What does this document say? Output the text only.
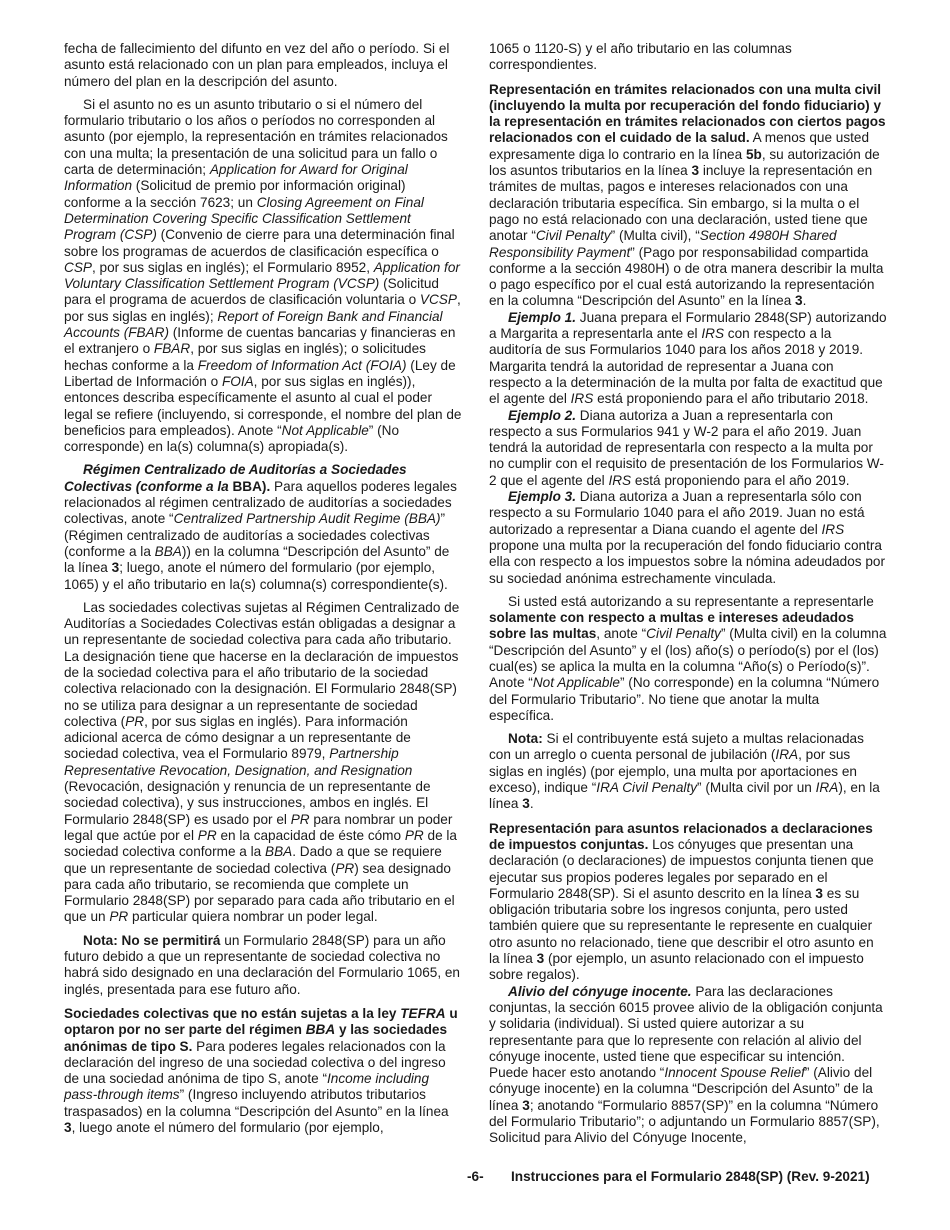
fecha de fallecimiento del difunto en vez del año o período. Si el asunto está relacionado con un plan para empleados, incluya el número del plan en la descripción del asunto.

Si el asunto no es un asunto tributario o si el número del formulario tributario o los años o períodos no corresponden al asunto (por ejemplo, la representación en trámites relacionados con una multa; la presentación de una solicitud para un fallo o carta de determinación; Application for Award for Original Information (Solicitud de premio por información original) conforme a la sección 7623; un Closing Agreement on Final Determination Covering Specific Classification Settlement Program (CSP) (Convenio de cierre para una determinación final sobre los programas de acuerdos de clasificación específica o CSP, por sus siglas en inglés); el Formulario 8952, Application for Voluntary Classification Settlement Program (VCSP) (Solicitud para el programa de acuerdos de clasificación voluntaria o VCSP, por sus siglas en inglés); Report of Foreign Bank and Financial Accounts (FBAR) (Informe de cuentas bancarias y financieras en el extranjero o FBAR, por sus siglas en inglés); o solicitudes hechas conforme a la Freedom of Information Act (FOIA) (Ley de Libertad de Información o FOIA, por sus siglas en inglés)), entonces describa específicamente el asunto al cual el poder legal se refiere (incluyendo, si corresponde, el nombre del plan de beneficios para empleados). Anote “Not Applicable” (No corresponde) en la(s) columna(s) apropiada(s).

Régimen Centralizado de Auditorías a Sociedades Colectivas (conforme a la BBA). Para aquellos poderes legales relacionados al régimen centralizado de auditorías a sociedades colectivas, anote “Centralized Partnership Audit Regime (BBA)” (Régimen centralizado de auditorías a sociedades colectivas (conforme a la BBA)) en la columna “Descripción del Asunto” de la línea 3; luego, anote el número del formulario (por ejemplo, 1065) y el año tributario en la(s) columna(s) correspondiente(s).

Las sociedades colectivas sujetas al Régimen Centralizado de Auditorías a Sociedades Colectivas están obligadas a designar a un representante de sociedad colectiva para cada año tributario. La designación tiene que hacerse en la declaración de impuestos de la sociedad colectiva para el año tributario de la sociedad colectiva relacionado con la designación. El Formulario 2848(SP) no se utiliza para designar a un representante de sociedad colectiva (PR, por sus siglas en inglés). Para información adicional acerca de cómo designar a un representante de sociedad colectiva, vea el Formulario 8979, Partnership Representative Revocation, Designation, and Resignation (Revocación, designación y renuncia de un representante de sociedad colectiva), y sus instrucciones, ambos en inglés. El Formulario 2848(SP) es usado por el PR para nombrar un poder legal que actúe por el PR en la capacidad de éste cómo PR de la sociedad colectiva conforme a la BBA. Dado a que se requiere que un representante de sociedad colectiva (PR) sea designado para cada año tributario, se recomienda que complete un Formulario 2848(SP) por separado para cada año tributario en el que un PR particular quiera nombrar un poder legal.

Nota: No se permitirá un Formulario 2848(SP) para un año futuro debido a que un representante de sociedad colectiva no habrá sido designado en una declaración del Formulario 1065, en inglés, presentada para ese futuro año.

Sociedades colectivas que no están sujetas a la ley TEFRA u optaron por no ser parte del régimen BBA y las sociedades anónimas de tipo S. Para poderes legales relacionados con la declaración del ingreso de una sociedad colectiva o del ingreso de una sociedad anónima de tipo S, anote “Income including pass-through items” (Ingreso incluyendo atributos tributarios traspasados) en la columna “Descripción del Asunto” en la línea 3, luego anote el número del formulario (por ejemplo,

1065 o 1120-S) y el año tributario en las columnas correspondientes.

Representación en trámites relacionados con una multa civil (incluyendo la multa por recuperación del fondo fiduciario) y la representación en trámites relacionados con ciertos pagos relacionados con el cuidado de la salud. A menos que usted expresamente diga lo contrario en la línea 5b, su autorización de los asuntos tributarios en la línea 3 incluye la representación en trámites de multas, pagos e intereses relacionados con una declaración tributaria específica. Sin embargo, si la multa o el pago no está relacionado con una declaración, usted tiene que anotar “Civil Penalty” (Multa civil), “Section 4980H Shared Responsibility Payment” (Pago por responsabilidad compartida conforme a la sección 4980H) o de otra manera describir la multa o pago específico por el cual está autorizando la representación en la columna “Descripción del Asunto” en la línea 3.

Ejemplo 1. Juana prepara el Formulario 2848(SP) autorizando a Margarita a representarla ante el IRS con respecto a la auditoría de sus Formularios 1040 para los años 2018 y 2019. Margarita tendrá la autoridad de representar a Juana con respecto a la determinación de la multa por falta de exactitud que el agente del IRS está proponiendo para el año tributario 2018.

Ejemplo 2. Diana autoriza a Juan a representarla con respecto a sus Formularios 941 y W-2 para el año 2019. Juan tendrá la autoridad de representarla con respecto a la multa por no cumplir con el requisito de presentación de los Formularios W-2 que el agente del IRS está proponiendo para el año 2019.

Ejemplo 3. Diana autoriza a Juan a representarla sólo con respecto a su Formulario 1040 para el año 2019. Juan no está autorizado a representar a Diana cuando el agente del IRS propone una multa por la recuperación del fondo fiduciario contra ella con respecto a los impuestos sobre la nómina adeudados por su sociedad anónima estrechamente vinculada.

Si usted está autorizando a su representante a representarle solamente con respecto a multas e intereses adeudados sobre las multas, anote “Civil Penalty” (Multa civil) en la columna “Descripción del Asunto” y el (los) año(s) o período(s) por el (los) cual(es) se aplica la multa en la columna “Año(s) o Período(s)”. Anote “Not Applicable” (No corresponde) en la columna “Número del Formulario Tributario”. No tiene que anotar la multa específica.

Nota: Si el contribuyente está sujeto a multas relacionadas con un arreglo o cuenta personal de jubilación (IRA, por sus siglas en inglés) (por ejemplo, una multa por aportaciones en exceso), indique “IRA Civil Penalty” (Multa civil por un IRA), en la línea 3.

Representación para asuntos relacionados a declaraciones de impuestos conjuntas. Los cónyuges que presentan una declaración (o declaraciones) de impuestos conjunta tienen que ejecutar sus propios poderes legales por separado en el Formulario 2848(SP). Si el asunto descrito en la línea 3 es su obligación tributaria sobre los ingresos conjunta, pero usted también quiere que su representante le represente en cualquier otro asunto no relacionado, tiene que describir el otro asunto en la línea 3 (por ejemplo, un asunto relacionado con el impuesto sobre regalos).

Alivio del cónyuge inocente. Para las declaraciones conjuntas, la sección 6015 provee alivio de la obligación conjunta y solidaria (individual). Si usted quiere autorizar a su representante para que lo represente con relación al alivio del cónyuge inocente, usted tiene que especificar su intención. Puede hacer esto anotando “Innocent Spouse Relief” (Alivio del cónyuge inocente) en la columna “Descripción del Asunto” de la línea 3; anotando “Formulario 8857(SP)” en la columna “Número del Formulario Tributario”; o adjuntando un Formulario 8857(SP), Solicitud para Alivio del Cónyuge Inocente,

-6- Instrucciones para el Formulario 2848(SP) (Rev. 9-2021)
